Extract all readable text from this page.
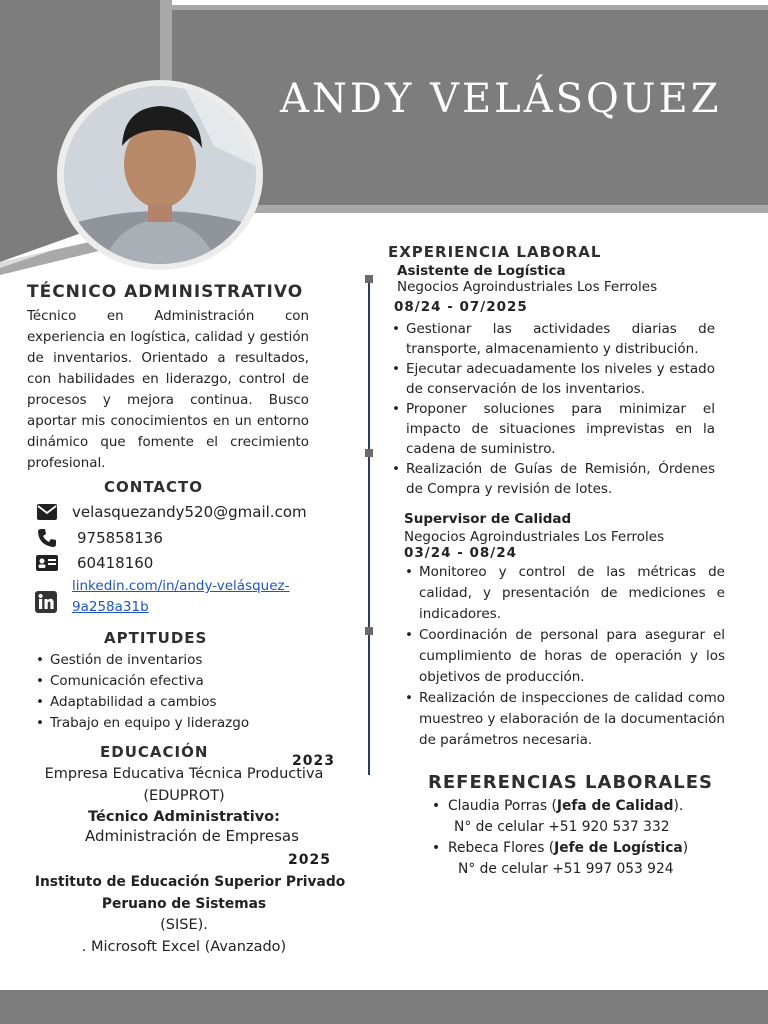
ANDY VELÁSQUEZ
TÉCNICO ADMINISTRATIVO
Técnico en Administración con experiencia en logística, calidad y gestión de inventarios. Orientado a resultados, con habilidades en liderazgo, control de procesos y mejora continua. Busco aportar mis conocimientos en un entorno dinámico que fomente el crecimiento profesional.
CONTACTO
velasquezandy520@gmail.com
975858136
60418160
linkedin.com/in/andy-velásquez-
9a258a31b
APTITUDES
• Gestión de inventarios
• Comunicación efectiva
• Adaptabilidad a cambios
• Trabajo en equipo y liderazgo
EDUCACIÓN	2023
Empresa Educativa Técnica Productiva
(EDUPROT)
Técnico Administrativo:
Administración de Empresas
2025
Instituto de Educación Superior Privado
Peruano de Sistemas
(SISE).
. Microsoft Excel (Avanzado)
EXPERIENCIA LABORAL
Asistente de Logística
Negocios Agroindustriales Los Ferroles
08/24 - 07/2025
• Gestionar las actividades diarias de transporte, almacenamiento y distribución.
• Ejecutar adecuadamente los niveles y estado de conservación de los inventarios.
• Proponer soluciones para minimizar el impacto de situaciones imprevistas en la cadena de suministro.
• Realización de Guías de Remisión, Órdenes de Compra y revisión de lotes.
Supervisor de Calidad
Negocios Agroindustriales Los Ferroles
03/24 - 08/24
• Monitoreo y control de las métricas de calidad, y presentación de mediciones e indicadores.
• Coordinación de personal para asegurar el cumplimiento de horas de operación y los objetivos de producción.
• Realización de inspecciones de calidad como muestreo y elaboración de la documentación de parámetros necesaria.
REFERENCIAS LABORALES
• Claudia Porras (Jefa de Calidad).
N° de celular +51 920 537 332
• Rebeca Flores (Jefe de Logística)
N° de celular +51 997 053 924
